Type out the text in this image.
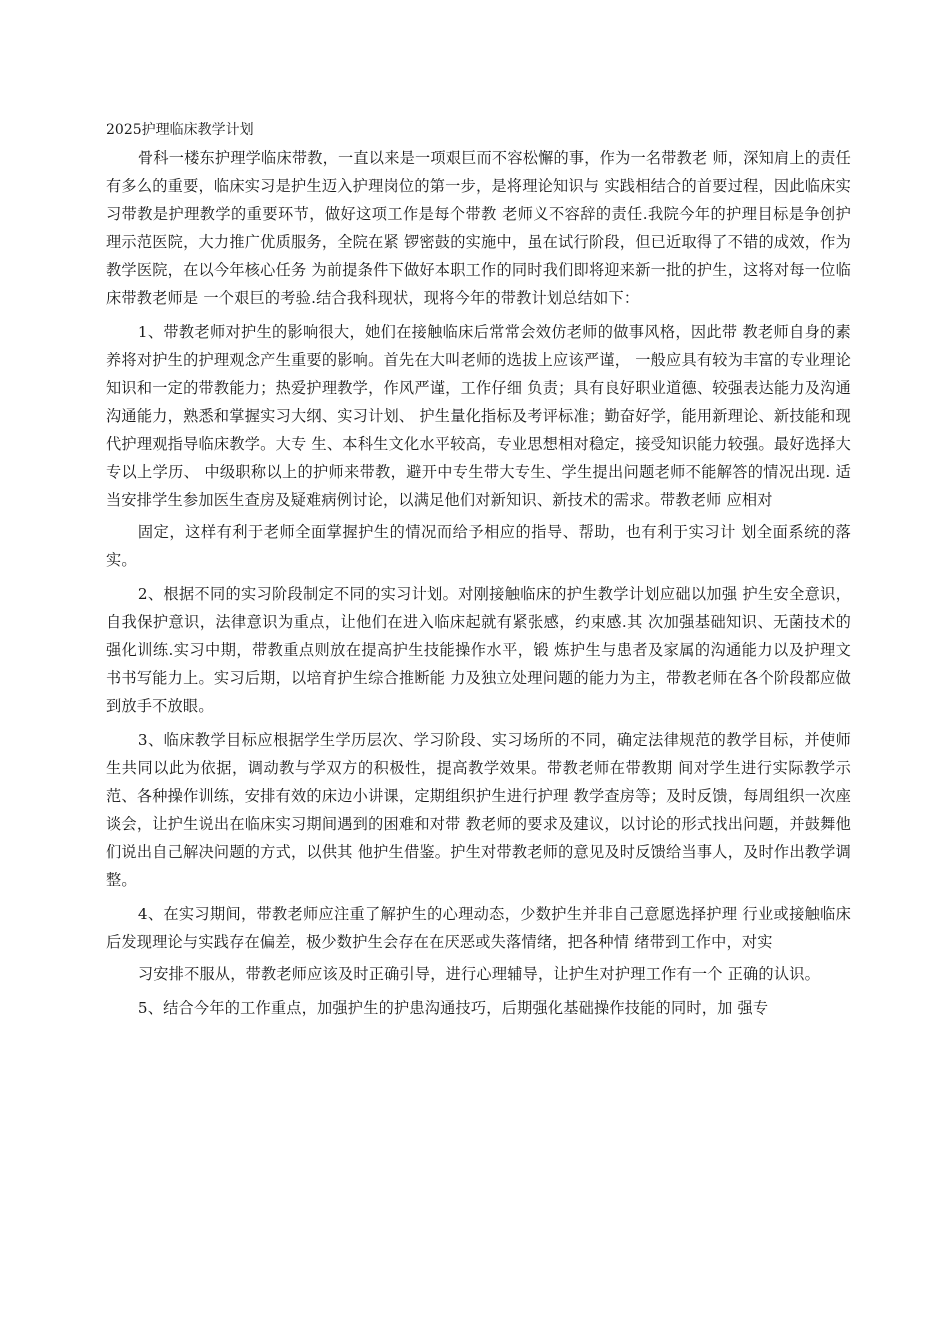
2025护理临床教学计划

骨科一楼东护理学临床带教，一直以来是一项艰巨而不容松懈的事，作为一名带教老 师，深知肩上的责任有多么的重要，临床实习是护生迈入护理岗位的第一步，是将理论知识与 实践相结合的首要过程，因此临床实习带教是护理教学的重要环节，做好这项工作是每个带教 老师义不容辞的责任.我院今年的护理目标是争创护理示范医院，大力推广优质服务，全院在紧 锣密鼓的实施中，虽在试行阶段，但已近取得了不错的成效，作为教学医院，在以今年核心任务 为前提条件下做好本职工作的同时我们即将迎来新一批的护生，这将对每一位临床带教老师是 一个艰巨的考验.结合我科现状，现将今年的带教计划总结如下：

1、带教老师对护生的影响很大，她们在接触临床后常常会效仿老师的做事风格，因此带 教老师自身的素养将对护生的护理观念产生重要的影响。首先在大叫老师的选拔上应该严谨， 一般应具有较为丰富的专业理论知识和一定的带教能力；热爱护理教学，作风严谨，工作仔细 负责；具有良好职业道德、较强表达能力及沟通沟通能力，熟悉和掌握实习大纲、实习计划、 护生量化指标及考评标准；勤奋好学，能用新理论、新技能和现代护理观指导临床教学。大专 生、本科生文化水平较高，专业思想相对稳定，接受知识能力较强。最好选择大专以上学历、 中级职称以上的护师来带教，避开中专生带大专生、学生提出问题老师不能解答的情况出现. 适当安排学生参加医生查房及疑难病例讨论，以满足他们对新知识、新技术的需求。带教老师 应相对

固定，这样有利于老师全面掌握护生的情况而给予相应的指导、帮助，也有利于实习计 划全面系统的落实。

2、根据不同的实习阶段制定不同的实习计划。对刚接触临床的护生教学计划应础以加强 护生安全意识，自我保护意识，法律意识为重点，让他们在进入临床起就有紧张感，约束感.其 次加强基础知识、无菌技术的强化训练.实习中期，带教重点则放在提高护生技能操作水平，锻 炼护生与患者及家属的沟通能力以及护理文书书写能力上。实习后期，以培育护生综合推断能 力及独立处理问题的能力为主，带教老师在各个阶段都应做到放手不放眼。

3、临床教学目标应根据学生学历层次、学习阶段、实习场所的不同，确定法律规范的教学目标，并使师生共同以此为依据，调动教与学双方的积极性，提高教学效果。带教老师在带教期 间对学生进行实际教学示范、各种操作训练，安排有效的床边小讲课，定期组织护生进行护理 教学查房等；及时反馈，每周组织一次座谈会，让护生说出在临床实习期间遇到的困难和对带 教老师的要求及建议，以讨论的形式找出问题，并鼓舞他们说出自己解决问题的方式，以供其 他护生借鉴。护生对带教老师的意见及时反馈给当事人，及时作出教学调整。

4、在实习期间，带教老师应注重了解护生的心理动态，少数护生并非自己意愿选择护理 行业或接触临床后发现理论与实践存在偏差，极少数护生会存在在厌恶或失落情绪，把各种情 绪带到工作中，对实

习安排不服从，带教老师应该及时正确引导，进行心理辅导，让护生对护理工作有一个 正确的认识。

5、结合今年的工作重点，加强护生的护患沟通技巧，后期强化基础操作技能的同时，加 强专
